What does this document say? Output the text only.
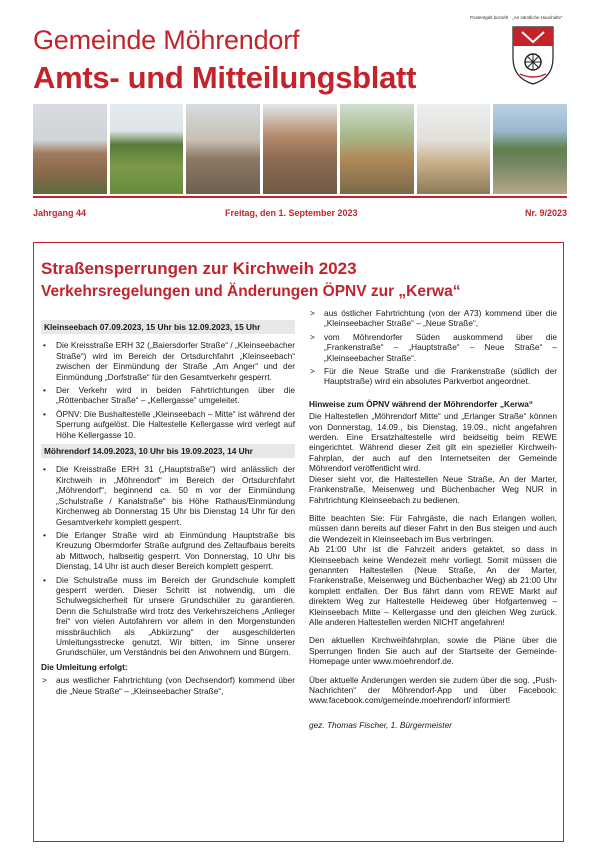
Postentgelt bezahlt · „An sämtliche Haushalte“
Gemeinde Möhrendorf
Amts- und Mitteilungsblatt
Jahrgang 44	Freitag, den 1. September 2023	Nr. 9/2023
Straßensperrungen zur Kirchweih 2023
Verkehrsregelungen und Änderungen ÖPNV zur „Kerwa“
Kleinseebach 07.09.2023, 15 Uhr bis 12.09.2023, 15 Uhr
• Die Kreisstraße ERH 32 („Baiersdorfer Straße“ / „Kleinseebacher Straße“) wird im Bereich der Ortsdurchfahrt „Kleinseebach“ zwischen der Einmündung der Straße „Am Anger“ und der Einmündung „Dorfstraße“ für den Gesamtverkehr gesperrt.
• Der Verkehr wird in beiden Fahrtrichtungen über die „Röttenbacher Straße“ – „Kellergasse“ umgeleitet.
• ÖPNV: Die Bushaltestelle „Kleinseebach – Mitte“ ist während der Sperrung aufgelöst. Die Haltestelle Kellergasse wird verlegt auf Höhe Kellergasse 10.
Möhrendorf 14.09.2023, 10 Uhr bis 19.09.2023, 14 Uhr
• Die Kreisstraße ERH 31 („Hauptstraße“) wird anlässlich der Kirchweih in „Möhrendorf“ im Bereich der Ortsdurchfahrt „Möhrendorf“, beginnend ca. 50 m vor der Einmündung „Schulstraße / Kanalstraße“ bis Höhe Rathaus/Einmündung Kirchenweg ab Donnerstag 15 Uhr bis Dienstag 14 Uhr für den Gesamtverkehr komplett gesperrt.
• Die Erlanger Straße wird ab Einmündung Hauptstraße bis Kreuzung Obermdorfer Straße aufgrund des Zeltaufbaus bereits ab Mittwoch, halbseitig gesperrt. Von Donnerstag, 10 Uhr bis Dienstag, 14 Uhr ist auch dieser Bereich komplett gesperrt.
• Die Schulstraße muss im Bereich der Grundschule komplett gesperrt werden. Dieser Schritt ist notwendig, um die Schulwegsicherheit für unsere Grundschüler zu garantieren. Denn die Schulstraße wird trotz des Verkehrszeichens „Anlieger frei“ von vielen Autofahrern vor allem in den Morgenstunden missbräuchlich als „Abkürzung“ der ausgeschilderten Umleitungsstrecke genutzt. Wir bitten, im Sinne unserer Grundschüler, um Verständnis bei den Anwohnern und Bürgern.
Die Umleitung erfolgt:
> aus westlicher Fahrtrichtung (von Dechsendorf) kommend über die „Neue Straße“ – „Kleinseebacher Straße“,
> aus östlicher Fahrtrichtung (von der A73) kommend über die „Kleinseebacher Straße“ – „Neue Straße“,
> vom Möhrendorfer Süden auskommend über die „Frankenstraße“ – „Hauptstraße“ – Neue Straße“ – „Kleinseebacher Straße“.
> Für die Neue Straße und die Frankenstraße (südlich der Hauptstraße) wird ein absolutes Parkverbot angeordnet.
Hinweise zum ÖPNV während der Möhrendorfer „Kerwa“

Die Haltestellen „Möhrendorf Mitte“ und „Erlanger Straße“ können von Donnerstag, 14.09., bis Dienstag, 19.09., nicht angefahren werden. Eine Ersatzhaltestelle wird beidseitig beim REWE eingerichtet. Während dieser Zeit gilt ein spezieller Kirchweih-Fahrplan, der auch auf den Internetseiten der Gemeinde Möhrendorf veröffentlicht wird.

Dieser sieht vor, die Haltestellen Neue Straße, An der Marter, Frankenstraße, Meisenweg und Büchenbacher Weg NUR in Fahrtrichtung Kleinseebach zu bedienen.

Bitte beachten Sie: Für Fahrgäste, die nach Erlangen wollen, müssen dann bereits auf dieser Fahrt in den Bus steigen und auch die Wendezeit in Kleinseebach im Bus verbringen.

Ab 21:00 Uhr ist die Fahrzeit anders getaktet, so dass in Kleinseebach keine Wendezeit mehr vorliegt. Somit müssen die genannten Haltestellen (Neue Straße, An der Marter, Frankenstraße, Meisenweg und Büchenbacher Weg) ab 21:00 Uhr komplett entfallen. Der Bus fährt dann vom REWE Markt auf direktem Weg zur Haltestelle Heideweg über Hofgartenweg – Kleinseebach Mitte – Kellergasse und den gleichen Weg zurück. Alle anderen Haltestellen werden NICHT angefahren!

Den aktuellen Kirchweihfahrplan, sowie die Pläne über die Sperrungen finden Sie auch auf der Startseite der Gemeinde-Homepage unter www.moehrendorf.de.

Über aktuelle Änderungen werden sie zudem über die sog. „Push-Nachrichten“ der Möhrendorf-App und über Facebook: www.facebook.com/gemeinde.moehrendorf/ informiert!

gez. Thomas Fischer, 1. Bürgermeister
